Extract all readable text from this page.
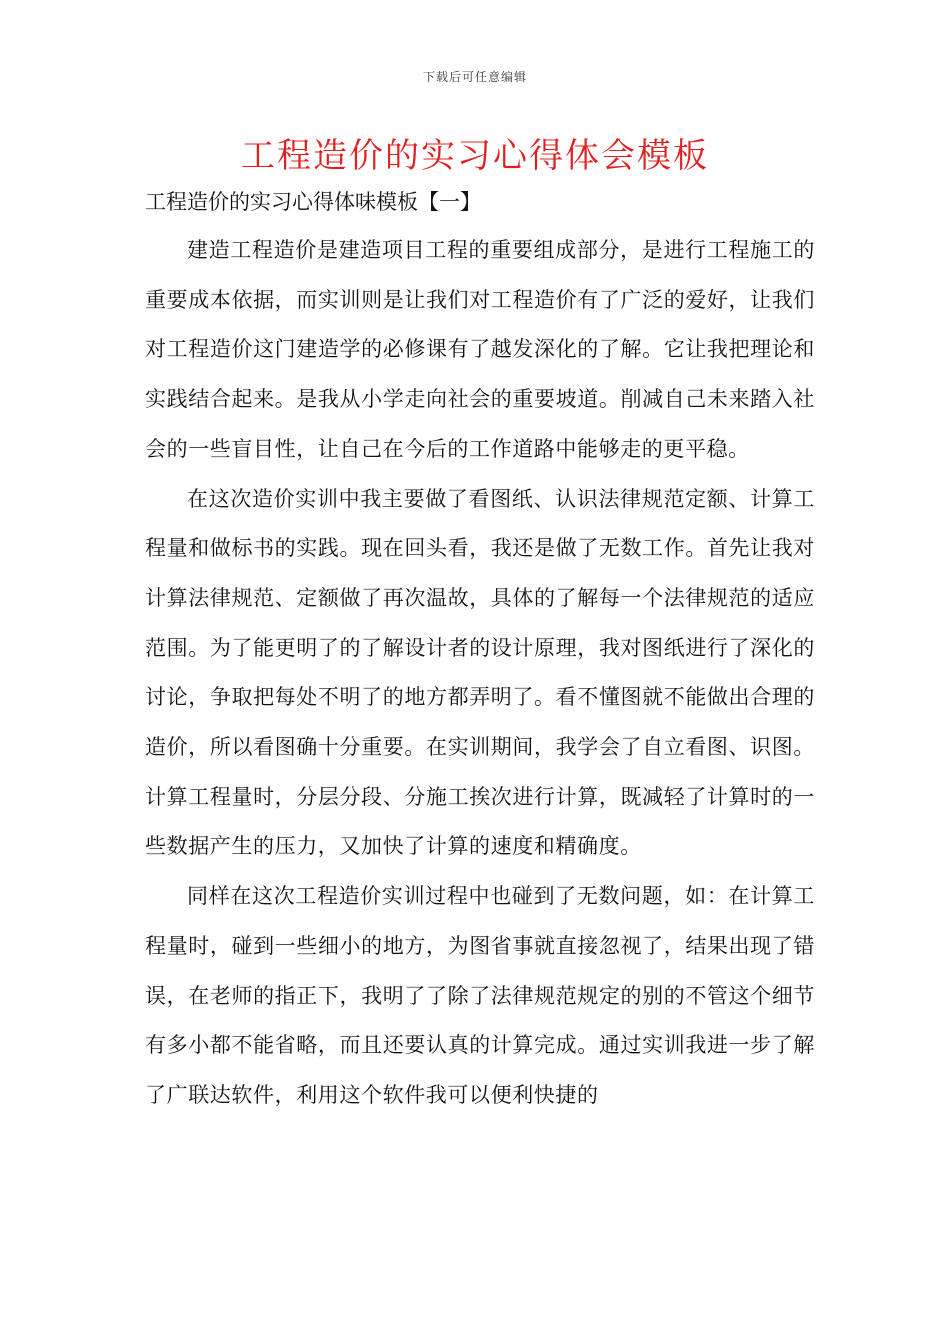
下载后可任意编辑
工程造价的实习心得体会模板
工程造价的实习心得体味模板【一】

建造工程造价是建造项目工程的重要组成部分，是进行工程施工的重要成本依据，而实训则是让我们对工程造价有了广泛的爱好，让我们对工程造价这门建造学的必修课有了越发深化的了解。它让我把理论和实践结合起来。是我从小学走向社会的重要坡道。削减自己未来踏入社会的一些盲目性，让自己在今后的工作道路中能够走的更平稳。

在这次造价实训中我主要做了看图纸、认识法律规范定额、计算工程量和做标书的实践。现在回头看，我还是做了无数工作。首先让我对计算法律规范、定额做了再次温故，具体的了解每一个法律规范的适应范围。为了能更明了的了解设计者的设计原理，我对图纸进行了深化的讨论，争取把每处不明了的地方都弄明了。看不懂图就不能做出合理的造价，所以看图确十分重要。在实训期间，我学会了自立看图、识图。计算工程量时，分层分段、分施工挨次进行计算，既减轻了计算时的一些数据产生的压力，又加快了计算的速度和精确度。

同样在这次工程造价实训过程中也碰到了无数问题，如：在计算工程量时，碰到一些细小的地方，为图省事就直接忽视了，结果出现了错误，在老师的指正下，我明了了除了法律规范规定的别的不管这个细节有多小都不能省略，而且还要认真的计算完成。通过实训我进一步了解了广联达软件，利用这个软件我可以便利快捷的
